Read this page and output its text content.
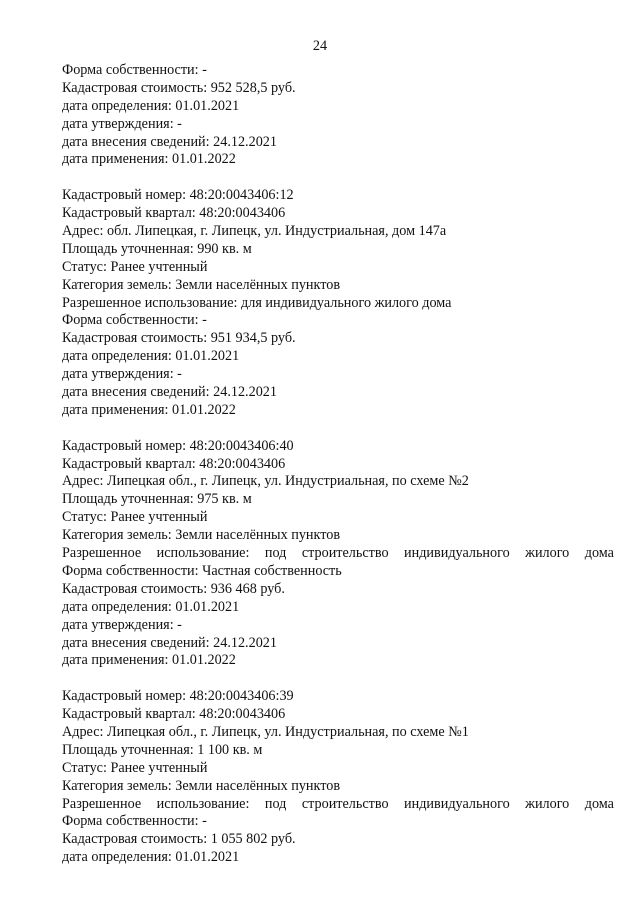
24
Форма собственности: -
Кадастровая стоимость: 952 528,5 руб.
дата определения: 01.01.2021
дата утверждения: -
дата внесения сведений: 24.12.2021
дата применения: 01.01.2022
Кадастровый номер: 48:20:0043406:12
Кадастровый квартал: 48:20:0043406
Адрес: обл. Липецкая, г. Липецк, ул. Индустриальная, дом 147а
Площадь уточненная: 990 кв. м
Статус: Ранее учтенный
Категория земель: Земли населённых пунктов
Разрешенное использование: для индивидуального жилого дома
Форма собственности: -
Кадастровая стоимость: 951 934,5 руб.
дата определения: 01.01.2021
дата утверждения: -
дата внесения сведений: 24.12.2021
дата применения: 01.01.2022
Кадастровый номер: 48:20:0043406:40
Кадастровый квартал: 48:20:0043406
Адрес: Липецкая обл., г. Липецк, ул. Индустриальная, по схеме №2
Площадь уточненная: 975 кв. м
Статус: Ранее учтенный
Категория земель: Земли населённых пунктов
Разрешенное использование: под строительство индивидуального жилого дома
Форма собственности: Частная собственность
Кадастровая стоимость: 936 468 руб.
дата определения: 01.01.2021
дата утверждения: -
дата внесения сведений: 24.12.2021
дата применения: 01.01.2022
Кадастровый номер: 48:20:0043406:39
Кадастровый квартал: 48:20:0043406
Адрес: Липецкая обл., г. Липецк, ул. Индустриальная, по схеме №1
Площадь уточненная: 1 100 кв. м
Статус: Ранее учтенный
Категория земель: Земли населённых пунктов
Разрешенное использование: под строительство индивидуального жилого дома
Форма собственности: -
Кадастровая стоимость: 1 055 802 руб.
дата определения: 01.01.2021
